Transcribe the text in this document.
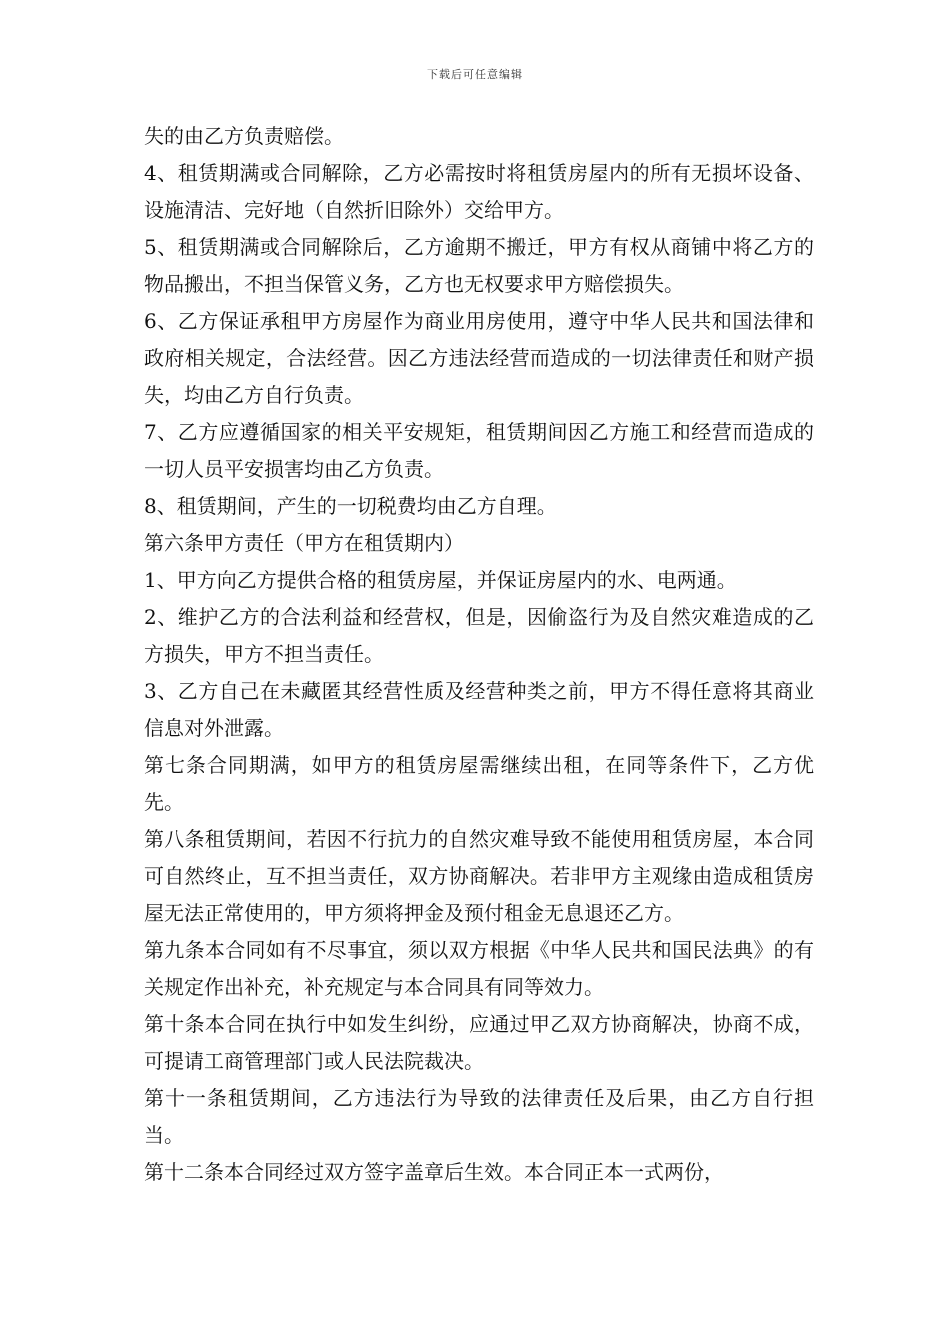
下载后可任意编辑

失的由乙方负责赔偿。

4、租赁期满或合同解除，乙方必需按时将租赁房屋内的所有无损坏设备、设施清洁、完好地（自然折旧除外）交给甲方。

5、租赁期满或合同解除后，乙方逾期不搬迁，甲方有权从商铺中将乙方的物品搬出，不担当保管义务，乙方也无权要求甲方赔偿损失。

6、乙方保证承租甲方房屋作为商业用房使用，遵守中华人民共和国法律和政府相关规定，合法经营。因乙方违法经营而造成的一切法律责任和财产损失，均由乙方自行负责。

7、乙方应遵循国家的相关平安规矩，租赁期间因乙方施工和经营而造成的一切人员平安损害均由乙方负责。

8、租赁期间，产生的一切税费均由乙方自理。

第六条甲方责任（甲方在租赁期内）

1、甲方向乙方提供合格的租赁房屋，并保证房屋内的水、电两通。

2、维护乙方的合法利益和经营权，但是，因偷盗行为及自然灾难造成的乙方损失，甲方不担当责任。

3、乙方自己在未藏匿其经营性质及经营种类之前，甲方不得任意将其商业信息对外泄露。

第七条合同期满，如甲方的租赁房屋需继续出租，在同等条件下，乙方优先。

第八条租赁期间，若因不行抗力的自然灾难导致不能使用租赁房屋，本合同可自然终止，互不担当责任，双方协商解决。若非甲方主观缘由造成租赁房屋无法正常使用的，甲方须将押金及预付租金无息退还乙方。

第九条本合同如有不尽事宜，须以双方根据《中华人民共和国民法典》的有关规定作出补充，补充规定与本合同具有同等效力。

第十条本合同在执行中如发生纠纷，应通过甲乙双方协商解决，协商不成，可提请工商管理部门或人民法院裁决。

第十一条租赁期间，乙方违法行为导致的法律责任及后果，由乙方自行担当。

第十二条本合同经过双方签字盖章后生效。本合同正本一式两份，
